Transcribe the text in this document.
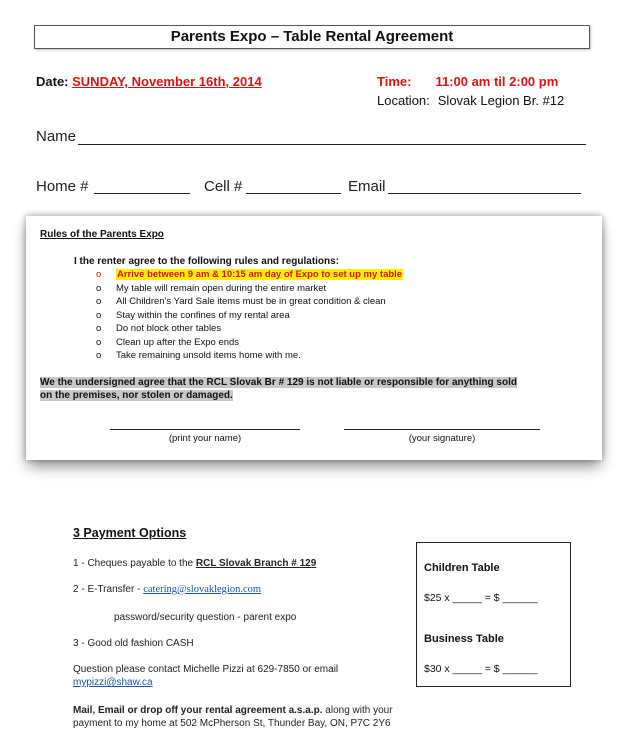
Parents Expo – Table Rental Agreement
Date: SUNDAY, November 16th, 2014	Time: 11:00 am til 2:00 pm
Location: Slovak Legion Br. #12
Name
Home #	Cell #	Email
Rules of the Parents Expo
I the renter agree to the following rules and regulations:
o Arrive between 9 am & 10:15 am day of Expo to set up my table
o My table will remain open during the entire market
o All Children's Yard Sale items must be in great condition & clean
o Stay within the confines of my rental area
o Do not block other tables
o Clean up after the Expo ends
o Take remaining unsold items home with me.
We the undersigned agree that the RCL Slovak Br # 129 is not liable or responsible for anything sold
on the premises, nor stolen or damaged.
(print your name)	(your signature)
3 Payment Options
1 - Cheques payable to the RCL Slovak Branch # 129
2 - E-Transfer - catering@slovaklegion.com
password/security question - parent expo
3 - Good old fashion CASH
Question please contact Michelle Pizzi at 629-7850 or email
mypizzi@shaw.ca
Mail, Email or drop off your rental agreement a.s.a.p. along with your payment to my home at 502 McPherson St, Thunder Bay, ON, P7C 2Y6
Children Table
$25 x _____ = $ ______
Business Table
$30 x _____ = $ ______
